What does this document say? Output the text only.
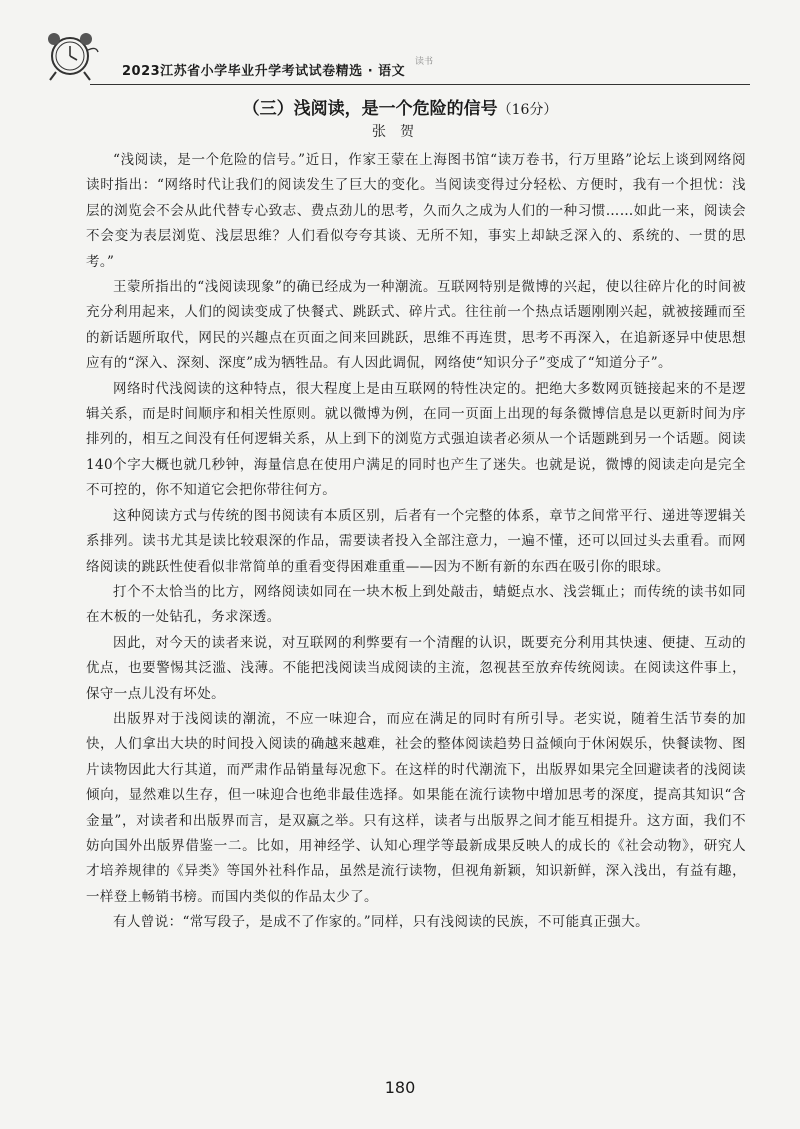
2023江苏省小学毕业升学考试试卷精选 · 语文
读书
（三）浅阅读，是一个危险的信号（16分）
张贺

“浅阅读，是一个危险的信号。”近日，作家王蒙在上海图书馆“读万卷书，行万里路”论坛上谈到网络阅读时指出：“网络时代让我们的阅读发生了巨大的变化。当阅读变得过分轻松、方便时，我有一个担忧：浅层的浏览会不会从此代替专心致志、费点劲儿的思考，久而久之成为人们的一种习惯……如此一来，阅读会不会变为表层浏览、浅层思维？人们看似夸夸其谈、无所不知，事实上却缺乏深入的、系统的、一贯的思考。”

王蒙所指出的“浅阅读现象”的确已经成为一种潮流。互联网特别是微博的兴起，使以往碎片化的时间被充分利用起来，人们的阅读变成了快餐式、跳跃式、碎片式。往往前一个热点话题刚刚兴起，就被接踵而至的新话题所取代，网民的兴趣点在页面之间来回跳跃，思维不再连贯，思考不再深入，在追新逐异中使思想应有的“深入、深刻、深度”成为牺牲品。有人因此调侃，网络使“知识分子”变成了“知道分子”。

网络时代浅阅读的这种特点，很大程度上是由互联网的特性决定的。把绝大多数网页链接起来的不是逻辑关系，而是时间顺序和相关性原则。就以微博为例，在同一页面上出现的每条微博信息是以更新时间为序排列的，相互之间没有任何逻辑关系，从上到下的浏览方式强迫读者必须从一个话题跳到另一个话题。阅读140个字大概也就几秒钟，海量信息在使用户满足的同时也产生了迷失。也就是说，微博的阅读走向是完全不可控的，你不知道它会把你带往何方。

这种阅读方式与传统的图书阅读有本质区别，后者有一个完整的体系，章节之间常平行、递进等逻辑关系排列。读书尤其是读比较艰深的作品，需要读者投入全部注意力，一遍不懂，还可以回过头去重看。而网络阅读的跳跃性使看似非常简单的重看变得困难重重——因为不断有新的东西在吸引你的眼球。

打个不太恰当的比方，网络阅读如同在一块木板上到处敲击，蜻蜓点水、浅尝辄止；而传统的读书如同在木板的一处钻孔，务求深透。

因此，对今天的读者来说，对互联网的利弊要有一个清醒的认识，既要充分利用其快速、便捷、互动的优点，也要警惕其泛滥、浅薄。不能把浅阅读当成阅读的主流，忽视甚至放弃传统阅读。在阅读这件事上，保守一点儿没有坏处。

出版界对于浅阅读的潮流，不应一味迎合，而应在满足的同时有所引导。老实说，随着生活节奏的加快，人们拿出大块的时间投入阅读的确越来越难，社会的整体阅读趋势日益倾向于休闲娱乐，快餐读物、图片读物因此大行其道，而严肃作品销量每况愈下。在这样的时代潮流下，出版界如果完全回避读者的浅阅读倾向，显然难以生存，但一味迎合也绝非最佳选择。如果能在流行读物中增加思考的深度，提高其知识“含金量”，对读者和出版界而言，是双赢之举。只有这样，读者与出版界之间才能互相提升。这方面，我们不妨向国外出版界借鉴一二。比如，用神经学、认知心理学等最新成果反映人的成长的《社会动物》，研究人才培养规律的《异类》等国外社科作品，虽然是流行读物，但视角新颖，知识新鲜，深入浅出，有益有趣，一样登上畅销书榜。而国内类似的作品太少了。

有人曾说：“常写段子，是成不了作家的。”同样，只有浅阅读的民族，不可能真正强大。

180
